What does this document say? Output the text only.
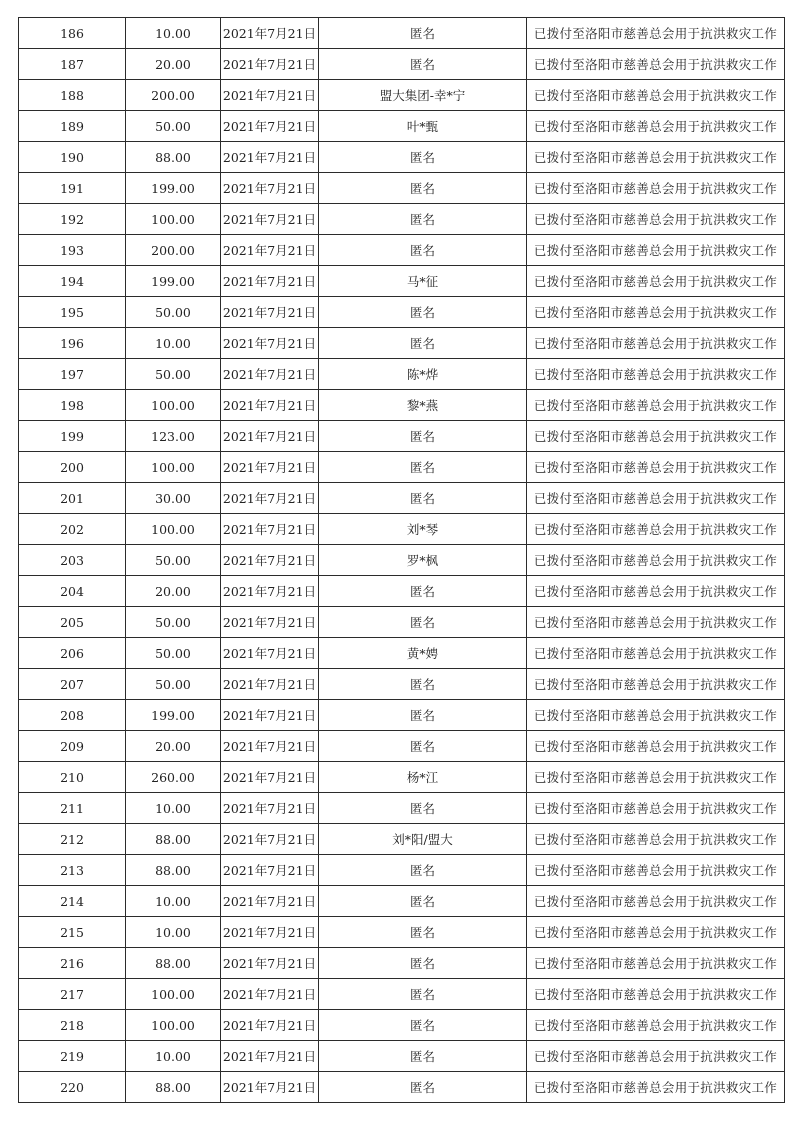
186	10.00	2021年7月21日	匿名	已拨付至洛阳市慈善总会用于抗洪救灾工作
187	20.00	2021年7月21日	匿名	已拨付至洛阳市慈善总会用于抗洪救灾工作
188	200.00	2021年7月21日	盟大集团-幸*宁	已拨付至洛阳市慈善总会用于抗洪救灾工作
189	50.00	2021年7月21日	叶*甄	已拨付至洛阳市慈善总会用于抗洪救灾工作
190	88.00	2021年7月21日	匿名	已拨付至洛阳市慈善总会用于抗洪救灾工作
191	199.00	2021年7月21日	匿名	已拨付至洛阳市慈善总会用于抗洪救灾工作
192	100.00	2021年7月21日	匿名	已拨付至洛阳市慈善总会用于抗洪救灾工作
193	200.00	2021年7月21日	匿名	已拨付至洛阳市慈善总会用于抗洪救灾工作
194	199.00	2021年7月21日	马*征	已拨付至洛阳市慈善总会用于抗洪救灾工作
195	50.00	2021年7月21日	匿名	已拨付至洛阳市慈善总会用于抗洪救灾工作
196	10.00	2021年7月21日	匿名	已拨付至洛阳市慈善总会用于抗洪救灾工作
197	50.00	2021年7月21日	陈*烨	已拨付至洛阳市慈善总会用于抗洪救灾工作
198	100.00	2021年7月21日	黎*燕	已拨付至洛阳市慈善总会用于抗洪救灾工作
199	123.00	2021年7月21日	匿名	已拨付至洛阳市慈善总会用于抗洪救灾工作
200	100.00	2021年7月21日	匿名	已拨付至洛阳市慈善总会用于抗洪救灾工作
201	30.00	2021年7月21日	匿名	已拨付至洛阳市慈善总会用于抗洪救灾工作
202	100.00	2021年7月21日	刘*琴	已拨付至洛阳市慈善总会用于抗洪救灾工作
203	50.00	2021年7月21日	罗*枫	已拨付至洛阳市慈善总会用于抗洪救灾工作
204	20.00	2021年7月21日	匿名	已拨付至洛阳市慈善总会用于抗洪救灾工作
205	50.00	2021年7月21日	匿名	已拨付至洛阳市慈善总会用于抗洪救灾工作
206	50.00	2021年7月21日	黄*娉	已拨付至洛阳市慈善总会用于抗洪救灾工作
207	50.00	2021年7月21日	匿名	已拨付至洛阳市慈善总会用于抗洪救灾工作
208	199.00	2021年7月21日	匿名	已拨付至洛阳市慈善总会用于抗洪救灾工作
209	20.00	2021年7月21日	匿名	已拨付至洛阳市慈善总会用于抗洪救灾工作
210	260.00	2021年7月21日	杨*江	已拨付至洛阳市慈善总会用于抗洪救灾工作
211	10.00	2021年7月21日	匿名	已拨付至洛阳市慈善总会用于抗洪救灾工作
212	88.00	2021年7月21日	刘*阳/盟大	已拨付至洛阳市慈善总会用于抗洪救灾工作
213	88.00	2021年7月21日	匿名	已拨付至洛阳市慈善总会用于抗洪救灾工作
214	10.00	2021年7月21日	匿名	已拨付至洛阳市慈善总会用于抗洪救灾工作
215	10.00	2021年7月21日	匿名	已拨付至洛阳市慈善总会用于抗洪救灾工作
216	88.00	2021年7月21日	匿名	已拨付至洛阳市慈善总会用于抗洪救灾工作
217	100.00	2021年7月21日	匿名	已拨付至洛阳市慈善总会用于抗洪救灾工作
218	100.00	2021年7月21日	匿名	已拨付至洛阳市慈善总会用于抗洪救灾工作
219	10.00	2021年7月21日	匿名	已拨付至洛阳市慈善总会用于抗洪救灾工作
220	88.00	2021年7月21日	匿名	已拨付至洛阳市慈善总会用于抗洪救灾工作
